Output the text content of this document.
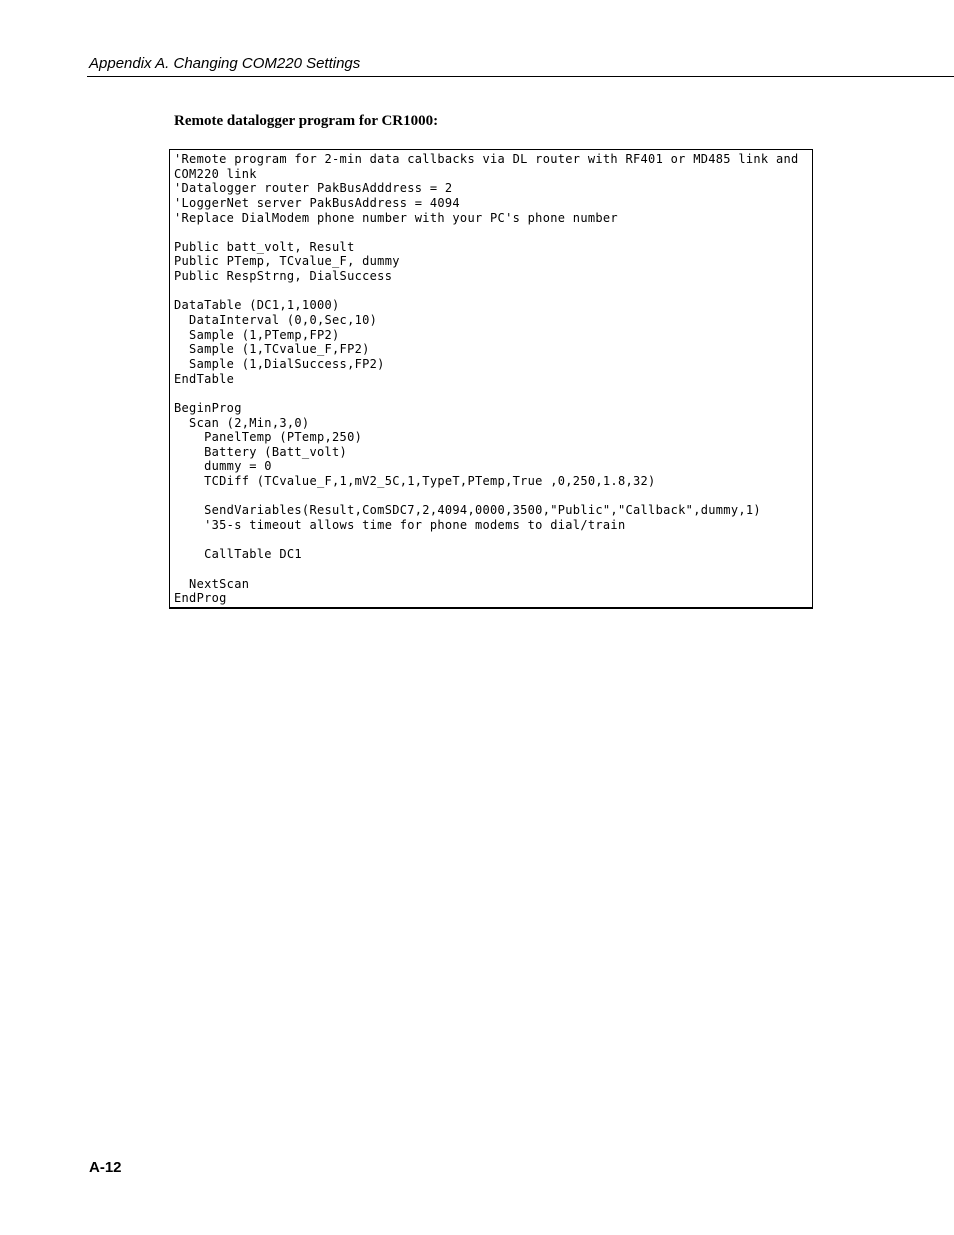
Appendix A. Changing COM220 Settings
Remote datalogger program for CR1000:
'Remote program for 2-min data callbacks via DL router with RF401 or MD485 link and
COM220 link
'Datalogger router PakBusAdddress = 2
'LoggerNet server PakBusAddress = 4094
'Replace DialModem phone number with your PC's phone number
Public batt_volt, Result
Public PTemp, TCvalue_F, dummy
Public RespStrng, DialSuccess
DataTable (DC1,1,1000)
DataInterval (0,0,Sec,10)
Sample (1,PTemp,FP2)
Sample (1,TCvalue_F,FP2)
Sample (1,DialSuccess,FP2)
EndTable
BeginProg
Scan (2,Min,3,0)
PanelTemp (PTemp,250)
Battery (Batt_volt)
dummy = 0
TCDiff (TCvalue_F,1,mV2_5C,1,TypeT,PTemp,True ,0,250,1.8,32)
SendVariables(Result,ComSDC7,2,4094,0000,3500,"Public","Callback",dummy,1)
'35-s timeout allows time for phone modems to dial/train
CallTable DC1
NextScan
EndProg
A-12
